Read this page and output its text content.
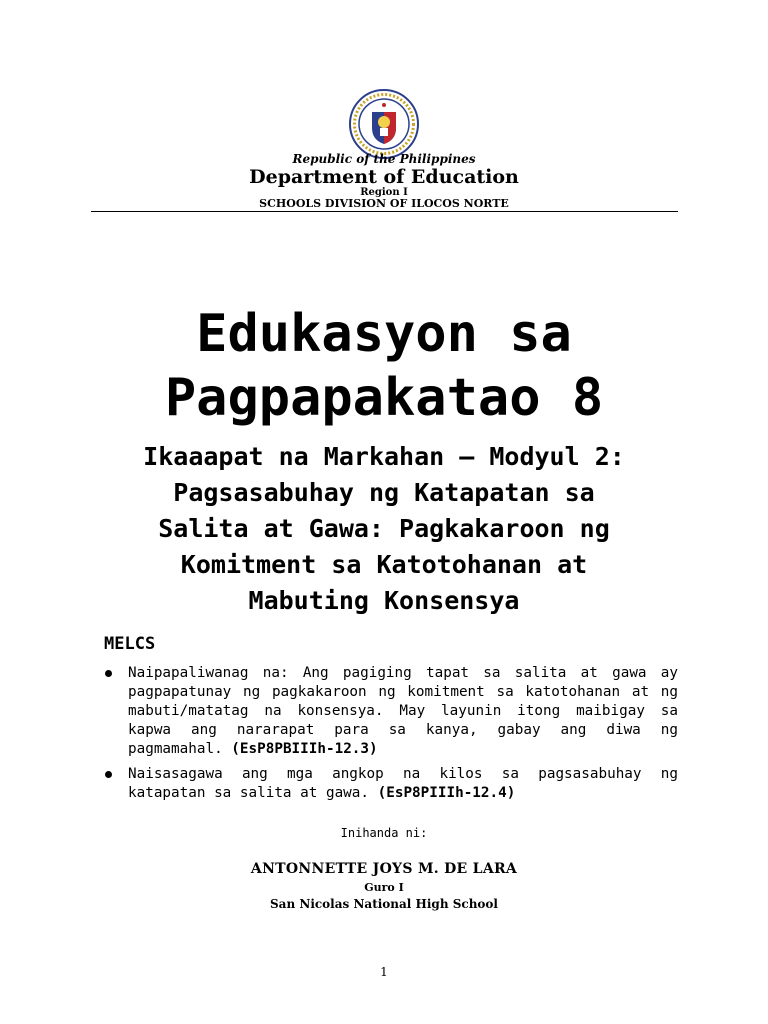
Republic of the Philippines
Department of Education
Region I
SCHOOLS DIVISION OF ILOCOS NORTE
Edukasyon sa
Pagpapakatao 8
Ikaaapat na Markahan – Modyul 2:
Pagsasabuhay ng Katapatan sa
Salita at Gawa: Pagkakaroon ng
Komitment sa Katotohanan at
Mabuting Konsensya
MELCS
Naipapaliwanag na: Ang pagiging tapat sa salita at gawa ay pagpapatunay ng pagkakaroon ng komitment sa katotohanan at ng mabuti/matatag na konsensya. May layunin itong maibigay sa kapwa ang nararapat para sa kanya, gabay ang diwa ng pagmamahal. (EsP8PBIIIh-12.3)
Naisasagawa ang mga angkop na kilos sa pagsasabuhay ng katapatan sa salita at gawa. (EsP8PIIIh-12.4)
Inihanda ni:
ANTONNETTE JOYS M. DE LARA
Guro I
San Nicolas National High School
1
